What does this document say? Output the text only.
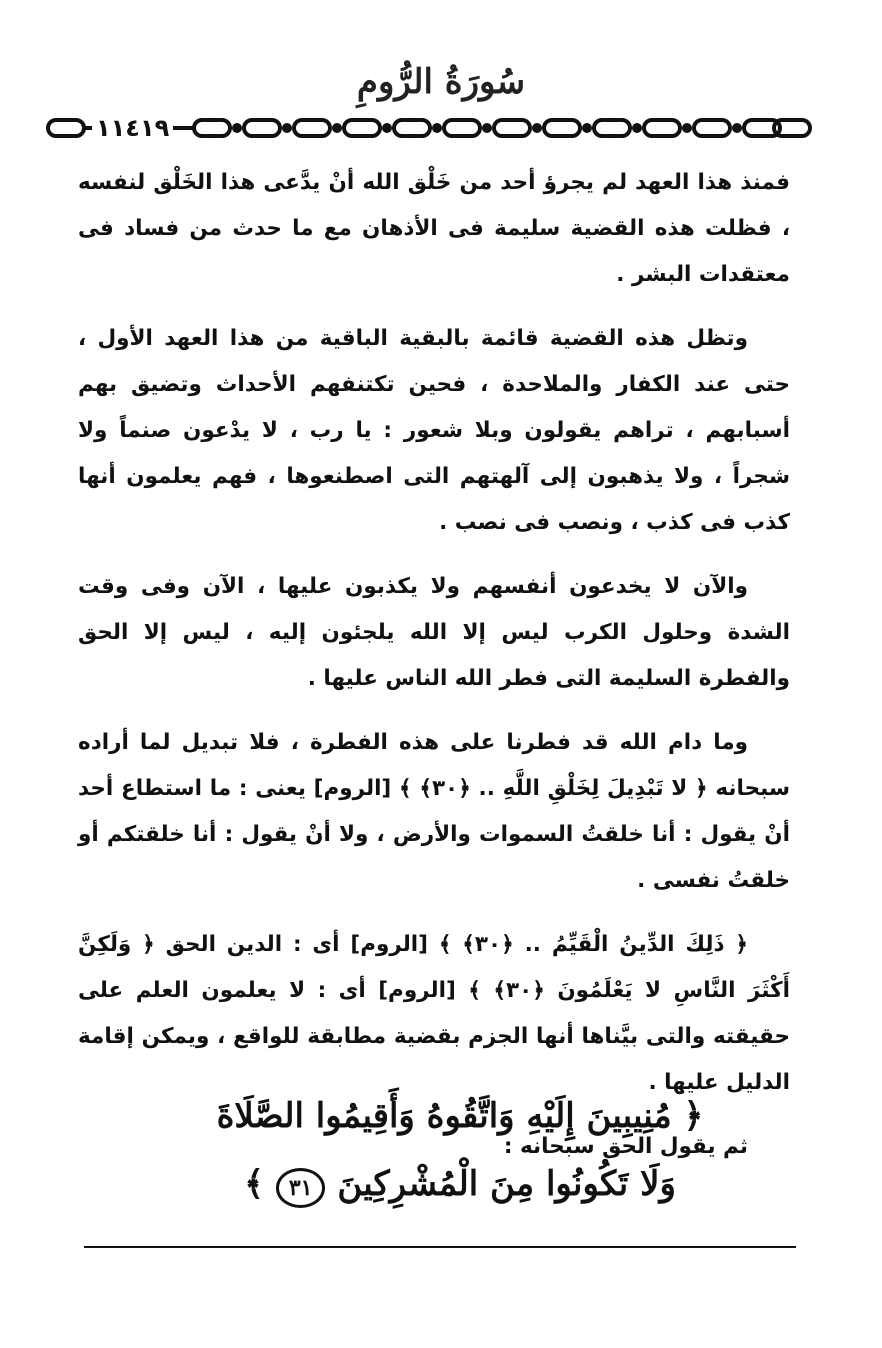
سُورَةُ الرُّومِ
١١٤١٩

فمنذ هذا العهد لم يجرؤ أحد من خَلْق الله أنْ يدَّعى هذا الخَلْق لنفسه ، فظلت هذه القضية سليمة فى الأذهان مع ما حدث من فساد فى معتقدات البشر .

وتظل هذه القضية قائمة بالبقية الباقية من هذا العهد الأول ، حتى عند الكفار والملاحدة ، فحين تكتنفهم الأحداث وتضيق بهم أسبابهم ، تراهم يقولون وبلا شعور : يا رب ، لا يدْعون صنماً ولا شجراً ، ولا يذهبون إلى آلهتهم التى اصطنعوها ، فهم يعلمون أنها كذب فى كذب ، ونصب فى نصب .

والآن لا يخدعون أنفسهم ولا يكذبون عليها ، الآن وفى وقت الشدة وحلول الكرب ليس إلا الله يلجئون إليه ، ليس إلا الحق والفطرة السليمة التى فطر الله الناس عليها .

وما دام الله قد فطرنا على هذه الفطرة ، فلا تبديل لما أراده سبحانه ﴿ لا تَبْدِيلَ لِخَلْقِ اللَّهِ .. ﴿٣٠﴾ ﴾ [الروم] يعنى : ما استطاع أحد أنْ يقول : أنا خلقتُ السموات والأرض ، ولا أنْ يقول : أنا خلقتكم أو خلقتُ نفسى .

﴿ ذَلِكَ الدِّينُ الْقَيِّمُ .. ﴿٣٠﴾ ﴾ [الروم] أى : الدين الحق ﴿ وَلَكِنَّ أَكْثَرَ النَّاسِ لا يَعْلَمُونَ ﴿٣٠﴾ ﴾ [الروم] أى : لا يعلمون العلم على حقيقته والتى بيَّناها أنها الجزم بقضية مطابقة للواقع ، ويمكن إقامة الدليل عليها .

ثم يقول الحق سبحانه :

﴿ مُنِيبِينَ إِلَيْهِ وَاتَّقُوهُ وَأَقِيمُوا الصَّلَاةَ
وَلَا تَكُونُوا مِنَ الْمُشْرِكِينَ ٣١ ﴾
